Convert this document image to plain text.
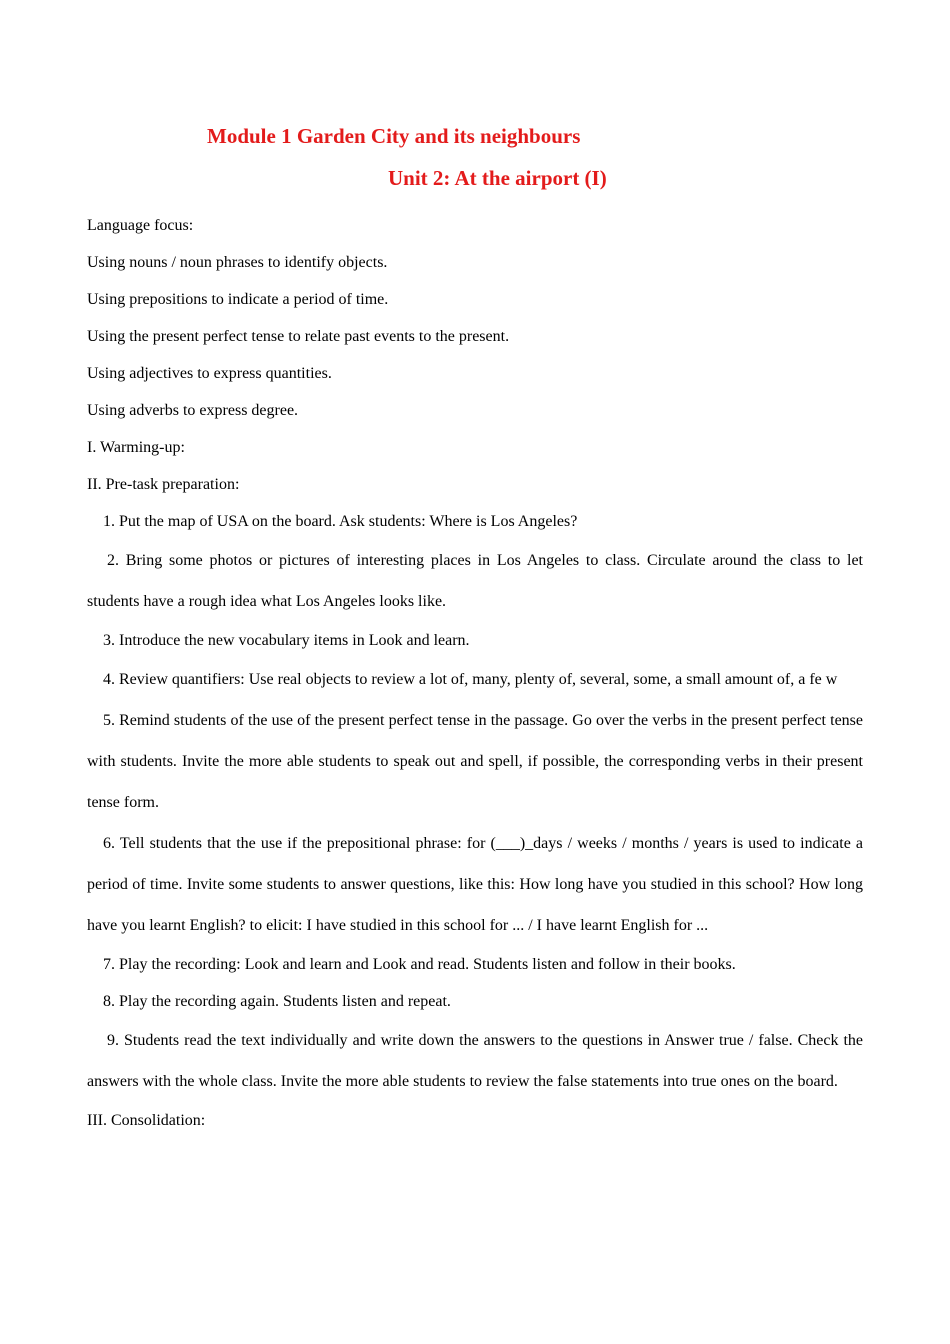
Module 1 Garden City and its neighbours
Unit 2: At the airport (I)

Language focus:

Using nouns / noun phrases to identify objects.

Using prepositions to indicate a period of time.

Using the present perfect tense to relate past events to the present.

Using adjectives to express quantities.

Using adverbs to express degree.

I. Warming-up:

II. Pre-task preparation:

1. Put the map of USA on the board. Ask students: Where is Los Angeles?

2. Bring some photos or pictures of interesting places in Los Angeles to class. Circulate around the class to let students have a rough idea what Los Angeles looks like.

3. Introduce the new vocabulary items in Look and learn.

4. Review quantifiers: Use real objects to review a lot of, many, plenty of, several, some, a small amount of, a fe w

5. Remind students of the use of the present perfect tense in the passage. Go over the verbs in the present perfect tense with students. Invite the more able students to speak out and spell, if possible, the corresponding verbs in their present tense form.

6. Tell students that the use if the prepositional phrase: for (___)_days / weeks / months / years is used to indicate a period of time. Invite some students to answer questions, like this: How long have you studied in this school? How long have you learnt English? to elicit: I have studied in this school for ... / I have learnt English for ...

7. Play the recording: Look and learn and Look and read. Students listen and follow in their books.

8. Play the recording again. Students listen and repeat.

9. Students read the text individually and write down the answers to the questions in Answer true / false. Check the answers with the whole class. Invite the more able students to review the false statements into true ones on the board.

III. Consolidation:
